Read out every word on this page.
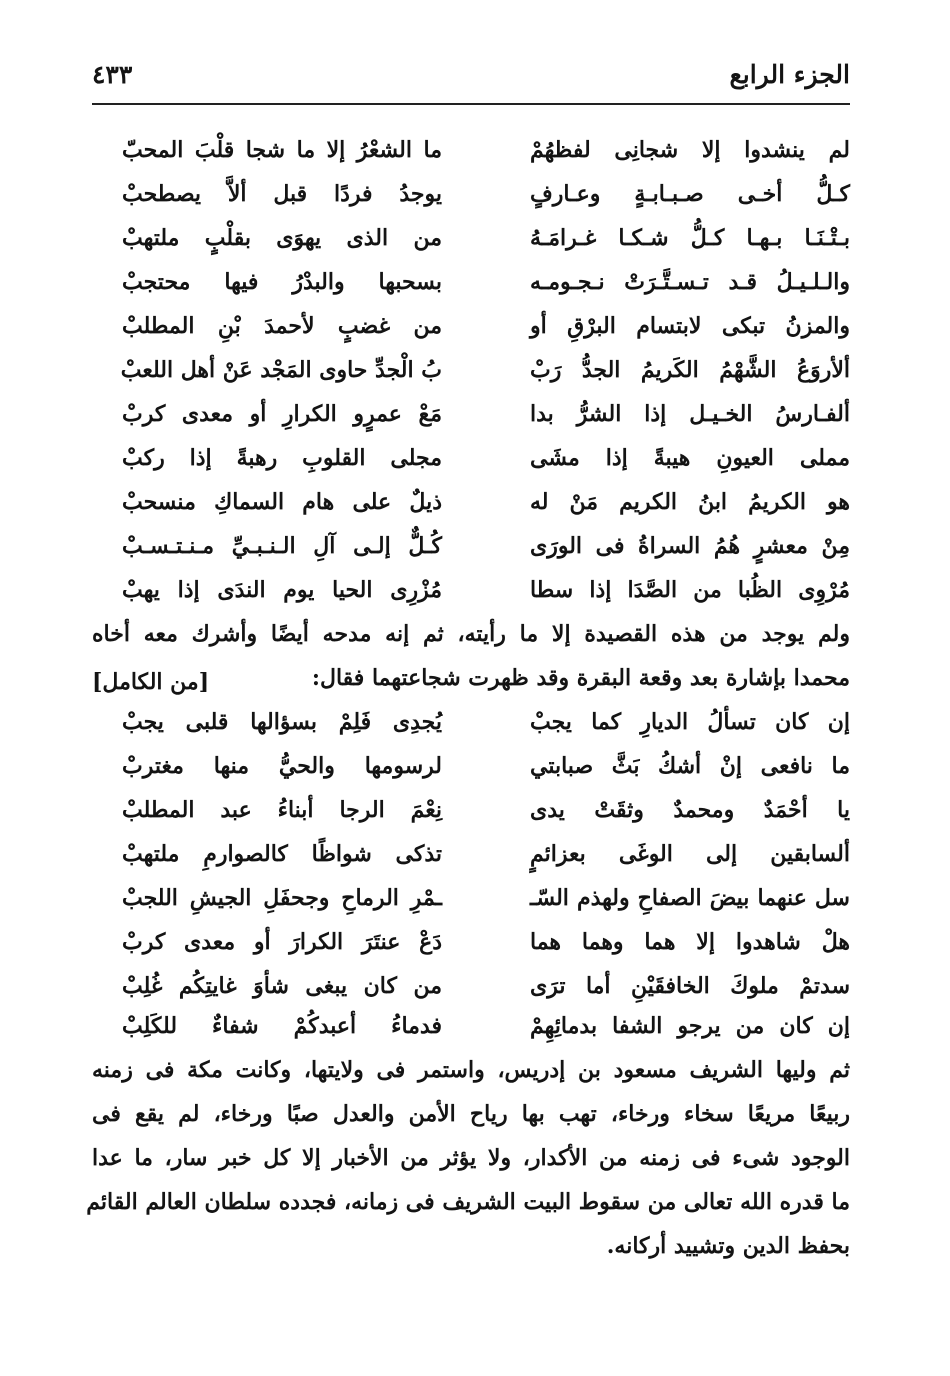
الجزء الرابع
٤٣٣
لم ينشدوا إلا شجانِى لفظهُمْ
ما الشعْرُ إلا ما شجا قلْبَ المحبّ
كـلُّ أخـى صـبـابـةٍ وعـارفٍ
يوجدُ فردًا قبل ألاَّ يصطحبْ
بـتْـنَـا بـهـا كـلُّ شـكـا غـرامَـهُ
من الذى يهوَى بقلْبٍ ملتهبْ
والـلـيـلُ قـد تـسـتَّـرَتْ نـجـومـه
بسحبها والبدْرُ فيها محتجبْ
والمزنُ تبكى لابتسام البرْقِ أو
من غضبٍ لأحمدَ بْنِ المطلبْ
ألأروَعُ الشَّهْمُ الكَريمُ الجدُّ رَبْ
بُ الْجدِّ حاوى المَجْد عَنْ أهل اللعبْ
ألفـارسُ الخـيـل إذا الشرُّ بدا
مَعْ عمرٍو الكرارِ أو معدى كربْ
مملى العيونِ هيبةً إذا مشَى
مجلى القلوبِ رهبةً إذا ركبْ
هو الكريمُ ابنُ الكريم مَنْ له
ذيلٌ على هام السماكِ منسحبْ
مِنْ معشرٍ هُمُ السراةُ فى الورَى
كُـلٌّ إلـى آلِ الـنـبـيِّ مـنـتـسـبْ
مُرْوِى الظُبا من الصَّدَا إذا سطا
مُزْرِى الحيا يوم الندَى إذا يهبْ
ولم يوجد من هذه القصيدة إلا ما رأيته، ثم إنه مدحه أيضًا وأشرك معه أخاه
محمدا بإشارة بعد وقعة البقرة وقد ظهرت شجاعتهما فقال:
[من الكامل]
إن كان تسألُ الديارِ كما يجبْ
يُجدِى فَلِمْ بسؤالها قلبى يجبْ
ما نافعى إنْ أشكُ بَثَّ صبابتي
لرسومها والحيُّ منها مغتربْ
يا أحْمَدٌ ومحمدٌ وثقَتْ يدى
نِعْمَ الرجا أبناءُ عبد المطلبْ
ألسابقين إلى الوغَى بعزائمٍ
تذكى شواظًا كالصوارمِ ملتهبْ
سل عنهما بيضَ الصفاحِ ولهذم السّـ
ـمْرِ الرماحِ وجحفَلِ الجيشِ اللجبْ
هلْ شاهدوا إلا هما وهما هما
دَعْ عنتَرَ الكرارَ أو معدى كربْ
سدتمْ ملوكَ الخافقَيْنِ أما ترَى
من كان يبغى شأوَ غايتِكُم غُلِبْ
إن كان من يرجو الشفا بدمائِهِمْ
فدماءُ أعبدكُمْ شفاءٌ للكَلِبْ
ثم وليها الشريف مسعود بن إدريس، واستمر فى ولايتها، وكانت مكة فى زمنه
ربيعًا مريعًا سخاء ورخاء، تهب بها رياح الأمن والعدل صبًا ورخاء، لم يقع فى
الوجود شىء فى زمنه من الأكدار، ولا يؤثر من الأخبار إلا كل خبر سار، ما عدا
ما قدره الله تعالى من سقوط البيت الشريف فى زمانه، فجدده سلطان العالم القائم
بحفظ الدين وتشييد أركانه.
